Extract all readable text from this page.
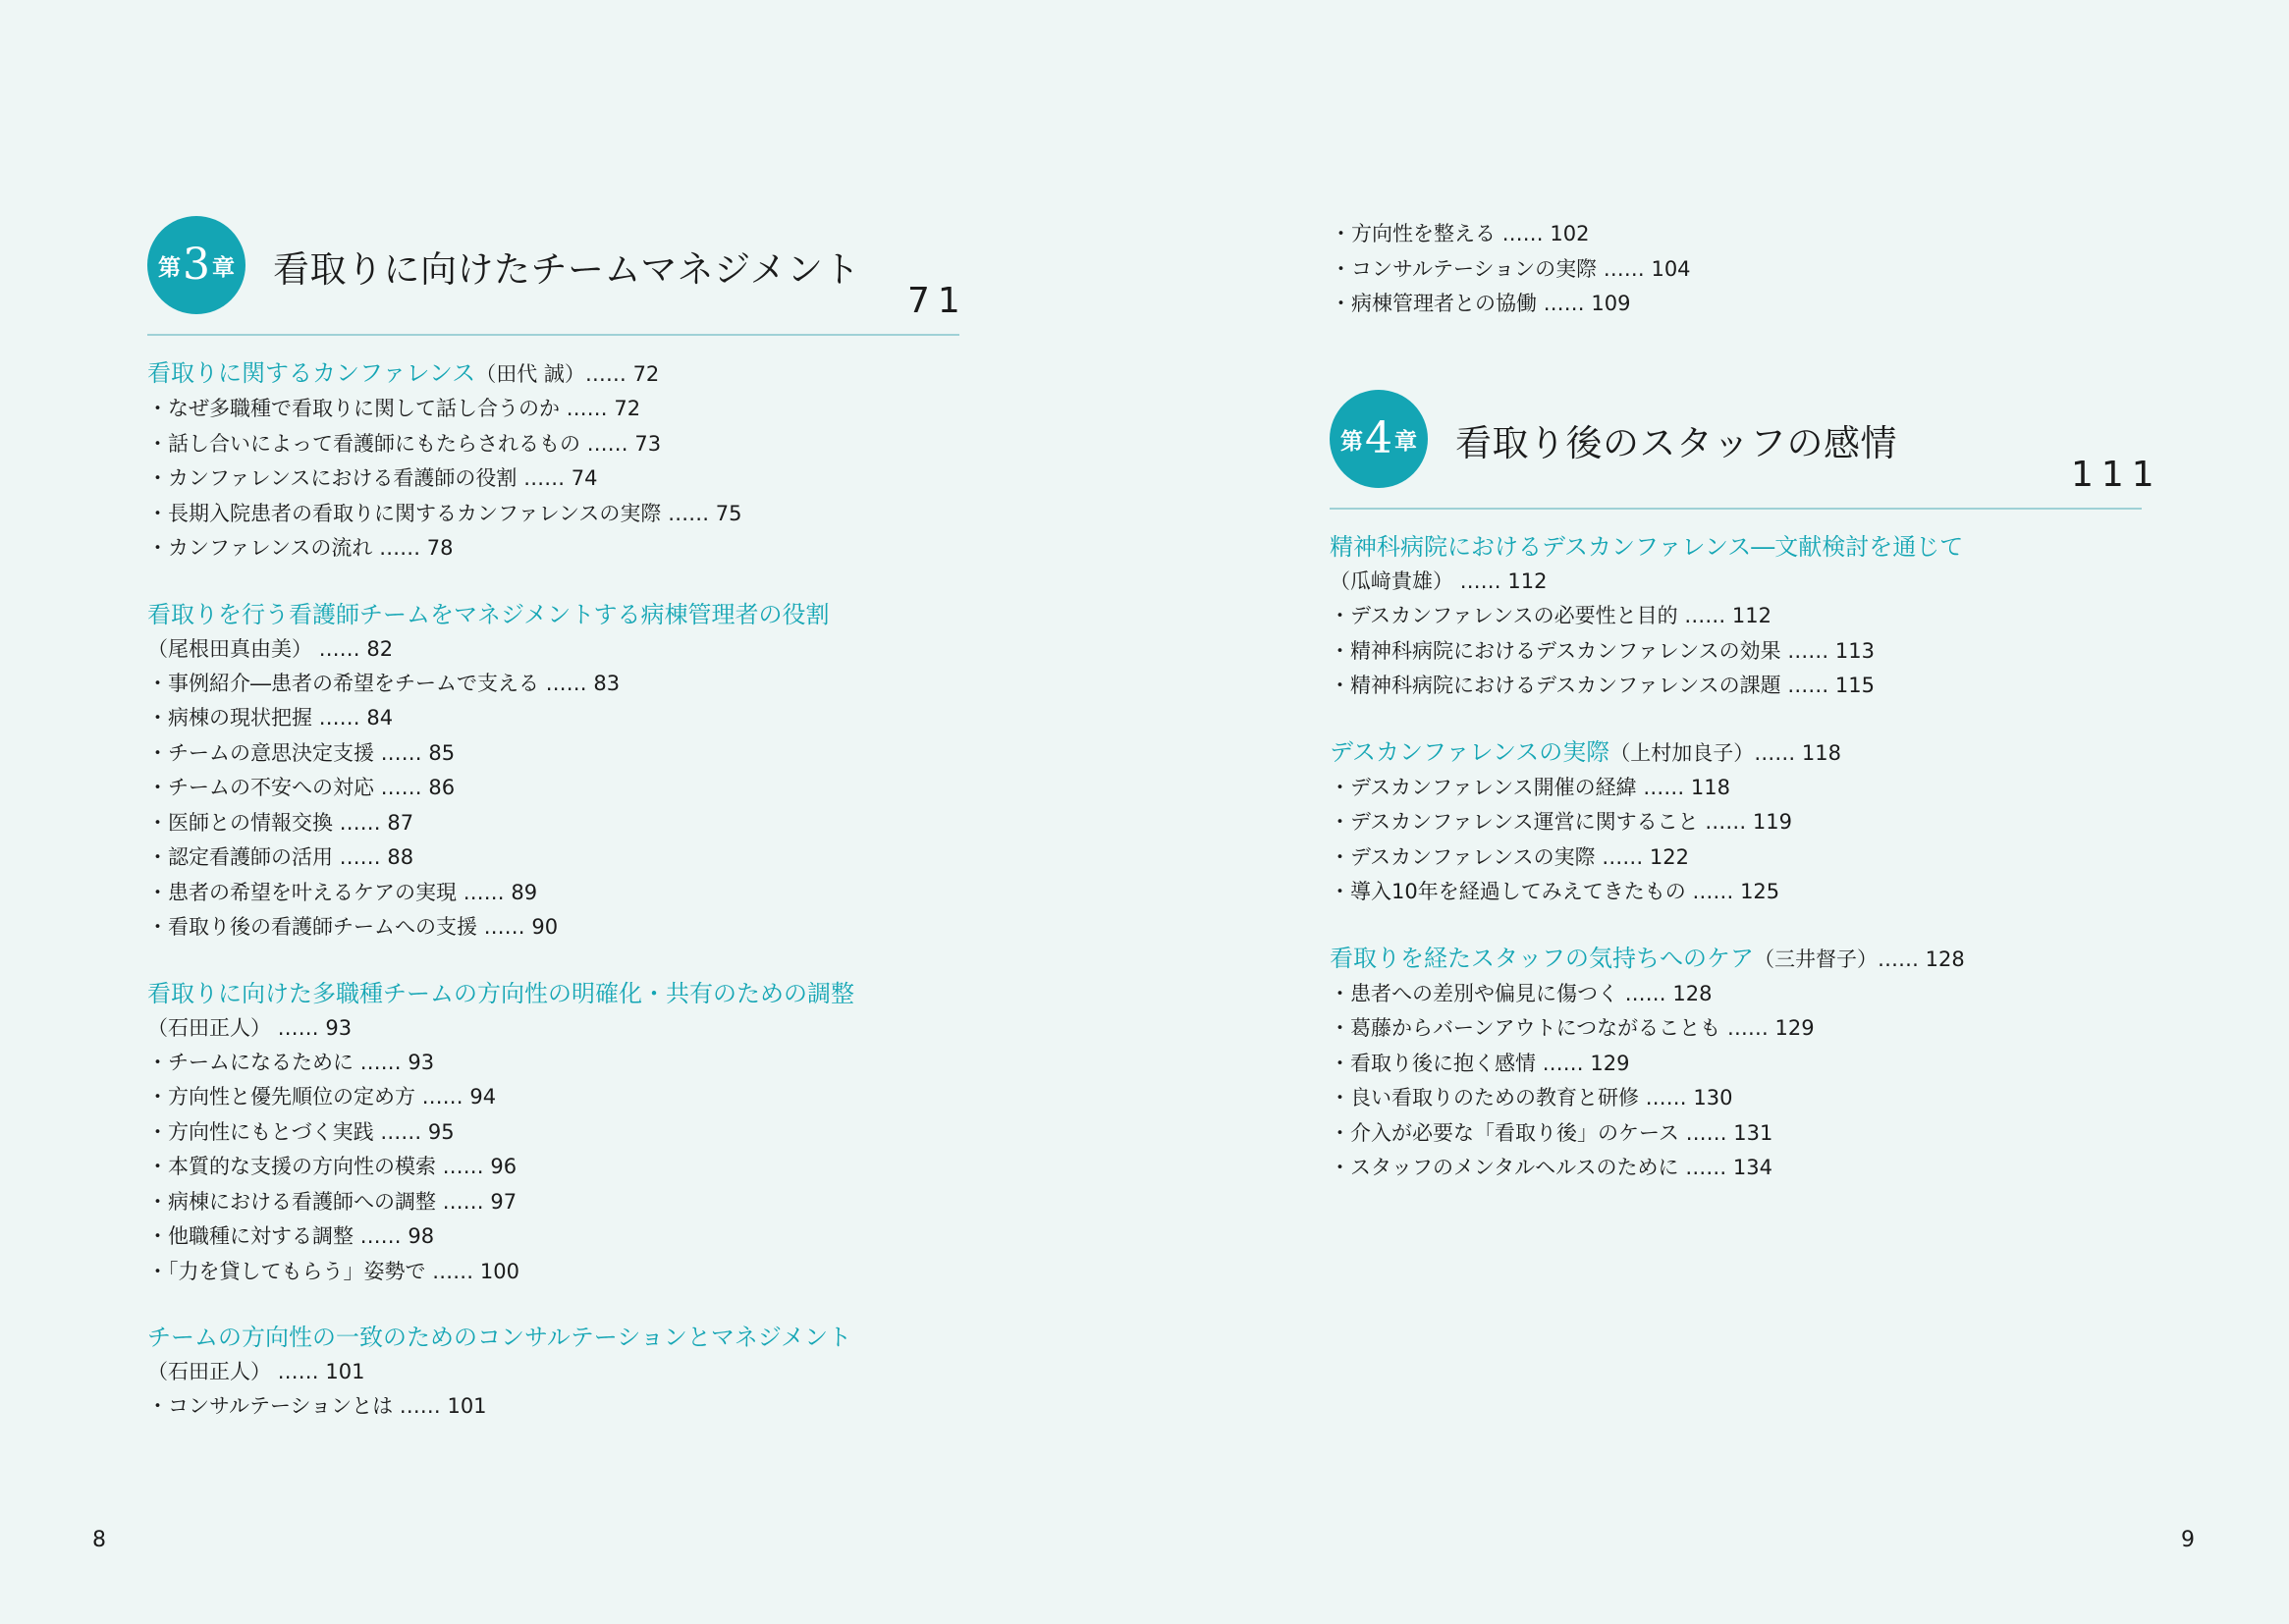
第 3 章 看取りに向けたチームマネジメント
71
看取りに関するカンファレンス（田代 誠）…… 72
・なぜ多職種で看取りに関して話し合うのか …… 72
・話し合いによって看護師にもたらされるもの …… 73
・カンファレンスにおける看護師の役割 …… 74
・長期入院患者の看取りに関するカンファレンスの実際 …… 75
・カンファレンスの流れ …… 78
看取りを行う看護師チームをマネジメントする病棟管理者の役割
（尾根田真由美） …… 82
・事例紹介―患者の希望をチームで支える …… 83
・病棟の現状把握 …… 84
・チームの意思決定支援 …… 85
・チームの不安への対応 …… 86
・医師との情報交換 …… 87
・認定看護師の活用 …… 88
・患者の希望を叶えるケアの実現 …… 89
・看取り後の看護師チームへの支援 …… 90
看取りに向けた多職種チームの方向性の明確化・共有のための調整
（石田正人） …… 93
・チームになるために …… 93
・方向性と優先順位の定め方 …… 94
・方向性にもとづく実践 …… 95
・本質的な支援の方向性の模索 …… 96
・病棟における看護師への調整 …… 97
・他職種に対する調整 …… 98
・「力を貸してもらう」姿勢で …… 100
チームの方向性の一致のためのコンサルテーションとマネジメント
（石田正人） …… 101
・コンサルテーションとは …… 101
・方向性を整える …… 102
・コンサルテーションの実際 …… 104
・病棟管理者との協働 …… 109
第 4 章 看取り後のスタッフの感情
111
精神科病院におけるデスカンファレンス―文献検討を通じて
（瓜﨑貴雄） …… 112
・デスカンファレンスの必要性と目的 …… 112
・精神科病院におけるデスカンファレンスの効果 …… 113
・精神科病院におけるデスカンファレンスの課題 …… 115
デスカンファレンスの実際（上村加良子）…… 118
・デスカンファレンス開催の経緯 …… 118
・デスカンファレンス運営に関すること …… 119
・デスカンファレンスの実際 …… 122
・導入10年を経過してみえてきたもの …… 125
看取りを経たスタッフの気持ちへのケア（三井督子）…… 128
・患者への差別や偏見に傷つく …… 128
・葛藤からバーンアウトにつながることも …… 129
・看取り後に抱く感情 …… 129
・良い看取りのための教育と研修 …… 130
・介入が必要な「看取り後」のケース …… 131
・スタッフのメンタルヘルスのために …… 134
8	9
